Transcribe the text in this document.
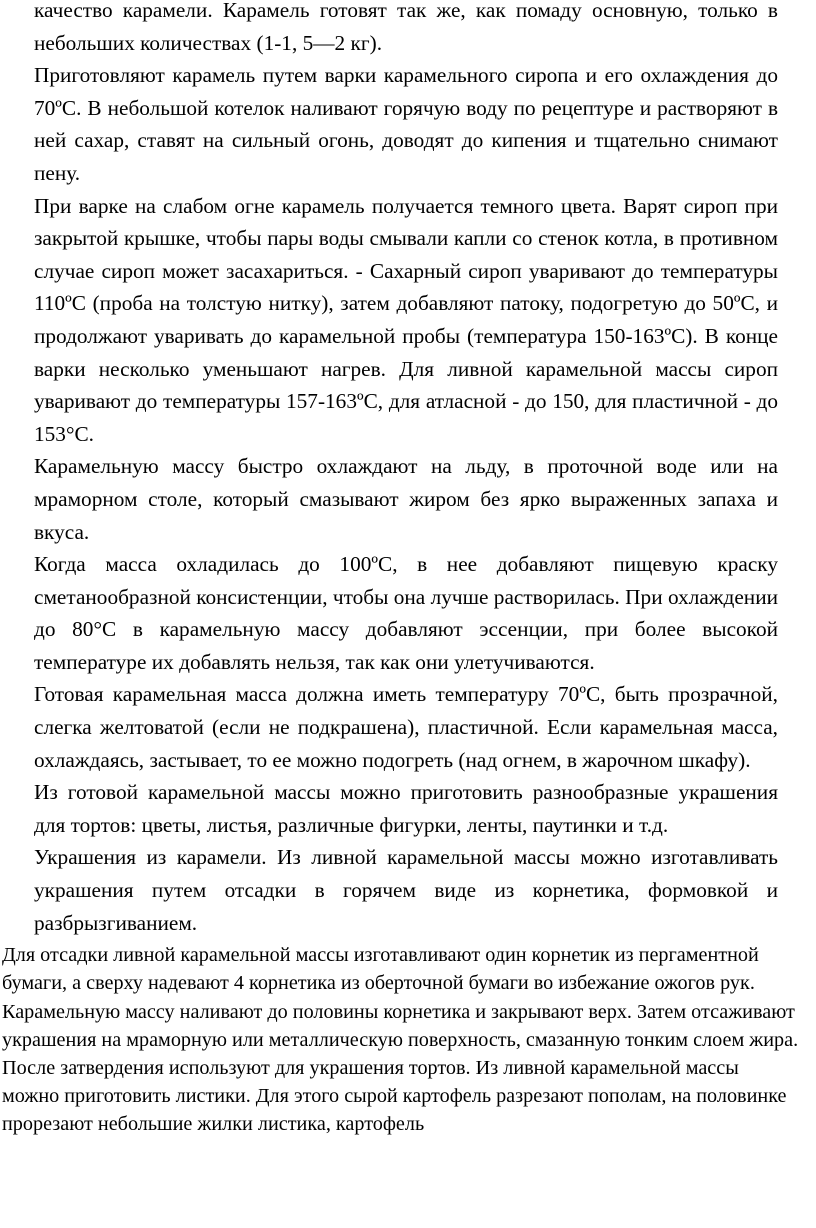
качество карамели. Карамель готовят так же, как помаду основную, только в небольших количествах (1-1, 5—2 кг).

Приготовляют карамель путем варки карамельного сиропа и его охлаждения до 70ºС. В небольшой котелок наливают горячую воду по рецептуре и растворяют в ней сахар, ставят на сильный огонь, доводят до кипения и тщательно снимают пену.

При варке на слабом огне карамель получается темного цвета. Варят сироп при закрытой крышке, чтобы пары воды смывали капли со стенок котла, в противном случае сироп может засахариться. - Сахарный сироп уваривают до температуры 110ºС (проба на толстую нитку), затем добавляют патоку, подогретую до 50ºС, и продолжают уваривать до карамельной пробы (температура 150-163ºС). В конце варки несколько уменьшают нагрев. Для ливной карамельной массы сироп уваривают до температуры 157-163ºС, для атласной - до 150, для пластичной - до 153°С.

Карамельную массу быстро охлаждают на льду, в проточной воде или на мраморном столе, который смазывают жиром без ярко выраженных запаха и вкуса.

Когда масса охладилась до 100ºС, в нее добавляют пищевую краску сметанообразной консистенции, чтобы она лучше растворилась. При охлаждении до 80°С в карамельную массу добавляют эссенции, при более высокой температуре их добавлять нельзя, так как они улетучиваются.

Готовая карамельная масса должна иметь температуру 70ºС, быть прозрачной, слегка желтоватой (если не подкрашена), пластичной. Если карамельная масса, охлаждаясь, застывает, то ее можно подогреть (над огнем, в жарочном шкафу).

Из готовой карамельной массы можно приготовить разнообразные украшения для тортов: цветы, листья, различные фигурки, ленты, паутинки и т.д.

Украшения из карамели. Из ливной карамельной массы можно изготавливать украшения путем отсадки в горячем виде из корнетика, формовкой и разбрызгиванием.

Для отсадки ливной карамельной массы изготавливают один корнетик из пергаментной бумаги, а сверху надевают 4 корнетика из оберточной бумаги во избежание ожогов рук. Карамельную массу наливают до половины корнетика и закрывают верх. Затем отсаживают украшения на мраморную или металлическую поверхность, смазанную тонким слоем жира. После затвердения используют для украшения тортов. Из ливной карамельной массы можно приготовить листики. Для этого сырой картофель разрезают пополам, на половинке прорезают небольшие жилки листика, картофель
